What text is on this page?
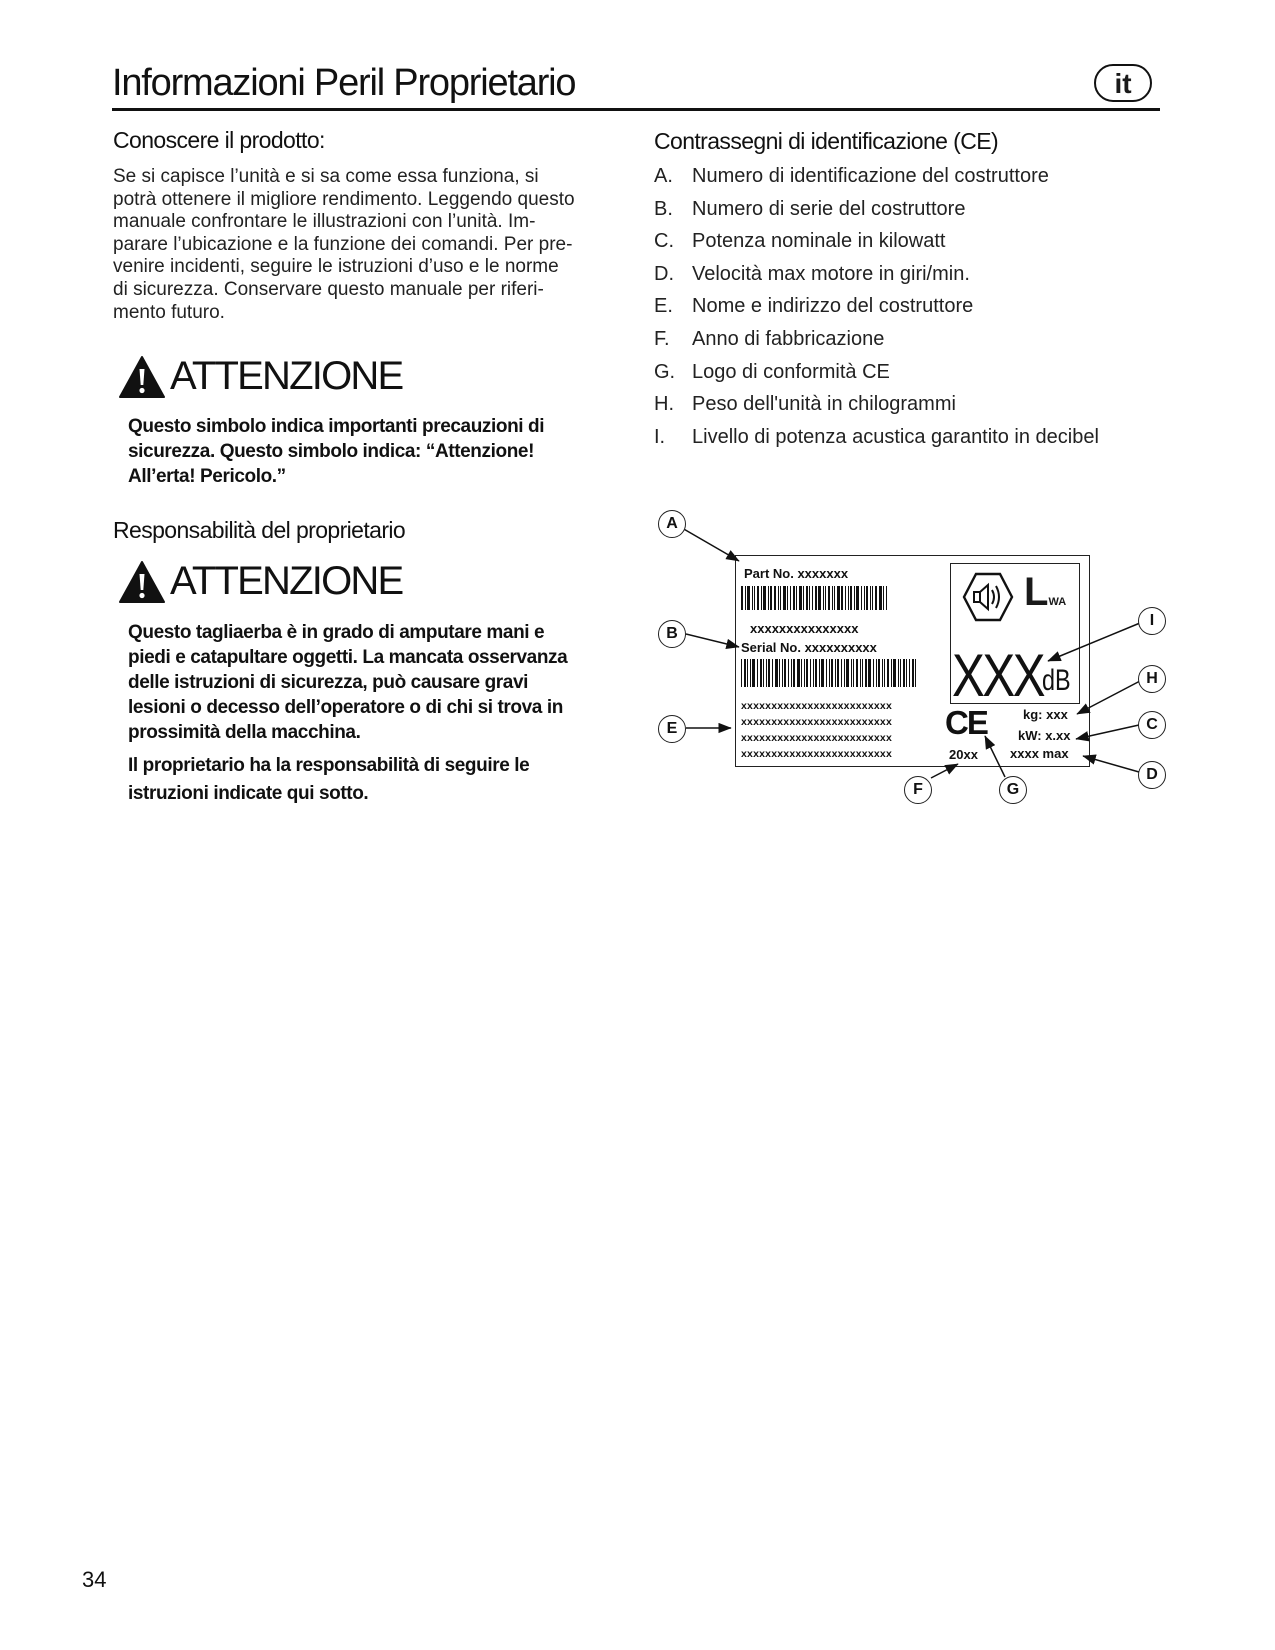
Informazioni Peril Proprietario	it
Conoscere il prodotto:
Se si capisce l’unità e si sa come essa funziona, si
potrà ottenere il migliore rendimento. Leggendo questo
manuale confrontare le illustrazioni con l’unità. Im-
parare l’ubicazione e la funzione dei comandi. Per pre-
venire incidenti, seguire le istruzioni d’uso e le norme
di sicurezza. Conservare questo manuale per riferi-
mento futuro.
ATTENZIONE
Questo simbolo indica importanti precauzioni di
sicurezza. Questo simbolo indica: “Attenzione!
All’erta! Pericolo.”
Responsabilità del proprietario
ATTENZIONE
Questo tagliaerba è in grado di amputare mani e
piedi e catapultare oggetti. La mancata osservanza
delle istruzioni di sicurezza, può causare gravi
lesioni o decesso dell’operatore o di chi si trova in
prossimità della macchina.
Il proprietario ha la responsabilità di seguire le
istruzioni indicate qui sotto.
Contrassegni di identificazione (CE)
A. Numero di identificazione del costruttore
B. Numero di serie del costruttore
C. Potenza nominale in kilowatt
D. Velocità max motore in giri/min.
E. Nome e indirizzo del costruttore
F.	Anno di fabbricazione
G. Logo di conformità CE
H. Peso dell'unità in chilogrammi
I.	Livello di potenza acustica garantito in decibel
Part No. xxxxxxx
xxxxxxxxxxxxxxx
Serial No. xxxxxxxxxx
xxxxxxxxxxxxxxxxxxxxxxxxx
xxxxxxxxxxxxxxxxxxxxxxxxx
xxxxxxxxxxxxxxxxxxxxxxxxx
xxxxxxxxxxxxxxxxxxxxxxxxx
LWA
XXX
dB
CE
20xx
kg: xxx
kW: x.xx
xxxx max
A
B
E
F	G
I
H
C
D
34
